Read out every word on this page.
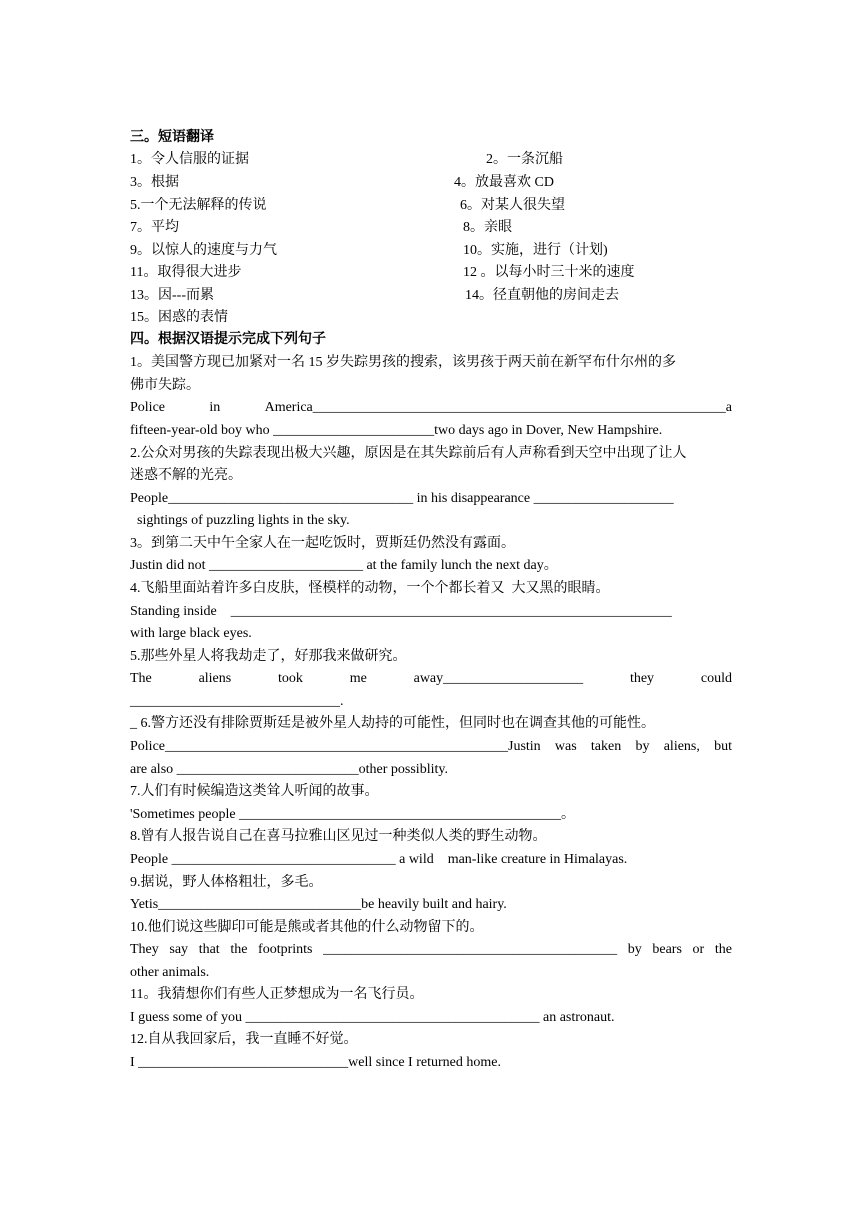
三。短语翻译
1。令人信服的证据	2。一条沉船
3。根据	4。放最喜欢 CD
5.一个无法解释的传说	6。对某人很失望
7。平均	8。亲眼
9。以惊人的速度与力气	10。实施，进行（计划)
11。取得很大进步	12 。以每小时三十米的速度
13。因---而累	14。径直朝他的房间走去
15。困惑的表情
四。根据汉语提示完成下列句子
1。美国警方现已加紧对一名 15 岁失踪男孩的搜索，该男孩于两天前在新罕布什尔州的多
佛市失踪。
Police	in	America___________________________________________________________a
fifteen-year-old boy who _______________________two days ago in Dover, New Hampshire.
2.公众对男孩的失踪表现出极大兴趣，原因是在其失踪前后有人声称看到天空中出现了让人
迷惑不解的光亮。
People___________________________________ in his disappearance ____________________
sightings of puzzling lights in the sky.
3。到第二天中午全家人在一起吃饭时，贾斯廷仍然没有露面。
Justin did not ______________________ at the family lunch the next day。
4.飞船里面站着许多白皮肤，怪模样的动物，一个个都长着又  大又黑的眼睛。
Standing inside    _______________________________________________________________
with large black eyes.
5.那些外星人将我劫走了，好那我来做研究。
The	aliens	took	me	away____________________	they	could
______________________________.
_ 6.警方还没有排除贾斯廷是被外星人劫持的可能性，但同时也在调查其他的可能性。
Police_________________________________________________Justin was taken by aliens, but
are also __________________________other possiblity.
7.人们有时候编造这类耸人听闻的故事。
'Sometimes people ______________________________________________。
8.曾有人报告说自己在喜马拉雅山区见过一种类似人类的野生动物。
People ________________________________ a wild    man-like creature in Himalayas.
9.据说，野人体格粗壮，多毛。
Yetis_____________________________be heavily built and hairy.
10.他们说这些脚印可能是熊或者其他的什么动物留下的。
They say that the footprints __________________________________________ by bears or the
other animals.
11。我猜想你们有些人正梦想成为一名飞行员。
I guess some of you __________________________________________ an astronaut.
12.自从我回家后，我一直睡不好觉。
I ______________________________well since I returned home.
